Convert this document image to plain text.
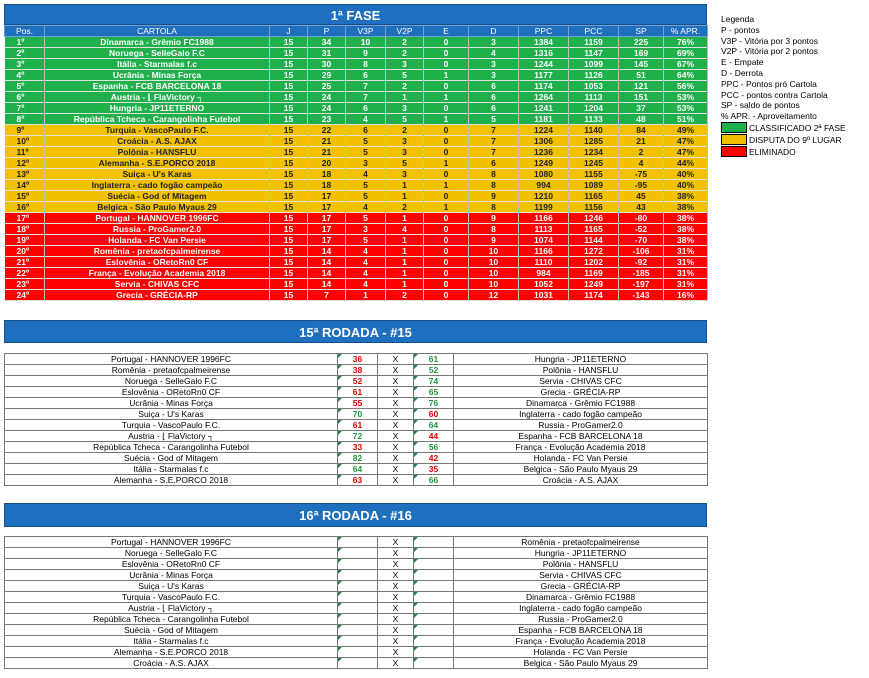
1ª FASE
Pos.	CARTOLA	J	P	V3P	V2P	E	D	PPC	PCC	SP	% APR.
1º	Dinamarca - Grêmio FC1988	15	34	10	2	0	3	1384	1159	225	76%
2º	Noruega - SelleGalo F.C	15	31	9	2	0	4	1316	1147	169	69%
3º	Itália - Starmalas f.c	15	30	8	3	0	3	1244	1099	145	67%
4º	Ucrânia - Minas Força	15	29	6	5	1	3	1177	1126	51	64%
5º	Espanha - FCB BARCELONA 18	15	25	7	2	0	6	1174	1053	121	56%
6º	Austria - ⌊ FlaVictory ┐	15	24	7	1	1	6	1264	1113	151	53%
7º	Hungria - JP11ETERNO	15	24	6	3	0	6	1241	1204	37	53%
8º	República Tcheca - Carangolinha Futebol	15	23	4	5	1	5	1181	1133	48	51%
9º	Turquia - VascoPaulo F.C.	15	22	6	2	0	7	1224	1140	84	49%
10º	Croácia - A.S. AJAX	15	21	5	3	0	7	1306	1285	21	47%
11º	Polônia - HANSFLU	15	21	5	3	0	7	1236	1234	2	47%
12º	Alemanha - S.E.PORCO 2018	15	20	3	5	1	6	1249	1245	4	44%
13º	Suiça - U's Karas	15	18	4	3	0	8	1080	1155	-75	40%
14º	Inglaterra - cado fogão campeão	15	18	5	1	1	8	994	1089	-95	40%
15º	Suécia - God of Mitagem	15	17	5	1	0	9	1210	1165	45	38%
16º	Belgica - São Paulo Myaus 29	15	17	4	2	1	8	1199	1156	43	38%
17º	Portugal - HANNOVER 1996FC	15	17	5	1	0	9	1166	1246	-80	38%
18º	Russia - ProGamer2.0	15	17	3	4	0	8	1113	1165	-52	38%
19º	Holanda - FC Van Persie	15	17	5	1	0	9	1074	1144	-70	38%
20º	Romênia - pretaofcpalmeirense	15	14	4	1	0	10	1166	1272	-106	31%
21º	Eslovênia - ORetoRn0 CF	15	14	4	1	0	10	1110	1202	-92	31%
22º	França - Evolução Academia 2018	15	14	4	1	0	10	984	1169	-185	31%
23º	Servia - CHIVAS CFC	15	14	4	1	0	10	1052	1249	-197	31%
24º	Grecia - GRÉCIA-RP	15	7	1	2	0	12	1031	1174	-143	16%
Legenda
P - pontos
V3P - Vitória por 3 pontos
V2P - Vitória por 2 pontos
E - Empate
D - Derrota
PPC - Pontos pró Cartola
PCC - pontos contra Cartola
SP - saldo de pontos
% APR. - Aproveitamento
CLASSIFICADO 2ª FASE
DISPUTA DO 9º LUGAR
ELIMINADO
15ª RODADA - #15
Portugal - HANNOVER 1996FC	36	X	61	Hungria - JP11ETERNO
Romênia - pretaofcpalmeirense	38	X	52	Polônia - HANSFLU
Noruega - SelleGalo F.C	52	X	74	Servia - CHIVAS CFC
Eslovênia - ORetoRn0 CF	61	X	65	Grecia - GRÉCIA-RP
Ucrânia - Minas Força	55	X	76	Dinamarca - Grêmio FC1988
Suiça - U's Karas	70	X	60	Inglaterra - cado fogão campeão
Turquia - VascoPaulo F.C.	61	X	64	Russia - ProGamer2.0
Austria - ⌊ FlaVictory ┐	72	X	44	Espanha - FCB BARCELONA 18
República Tcheca - Carangolinha Futebol	33	X	56	França - Evolução Academia 2018
Suécia - God of Mitagem	82	X	42	Holanda - FC Van Persie
Itália - Starmalas f.c	64	X	35	Belgica - São Paulo Myaus 29
Alemanha - S.E.PORCO 2018	63	X	66	Croácia - A.S. AJAX
16ª RODADA - #16
Portugal - HANNOVER 1996FC		X		Romênia - pretaofcpalmeirense
Noruega - SelleGalo F.C		X		Hungria - JP11ETERNO
Eslovênia - ORetoRn0 CF		X		Polônia - HANSFLU
Ucrânia - Minas Força		X		Servia - CHIVAS CFC
Suiça - U's Karas		X		Grecia - GRÉCIA-RP
Turquia - VascoPaulo F.C.		X		Dinamarca - Grêmio FC1988
Austria - ⌊ FlaVictory ┐		X		Inglaterra - cado fogão campeão
República Tcheca - Carangolinha Futebol		X		Russia - ProGamer2.0
Suécia - God of Mitagem		X		Espanha - FCB BARCELONA 18
Itália - Starmalas f.c		X		França - Evolução Academia 2018
Alemanha - S.E.PORCO 2018		X		Holanda - FC Van Persie
Croácia - A.S. AJAX		X		Belgica - São Paulo Myaus 29
